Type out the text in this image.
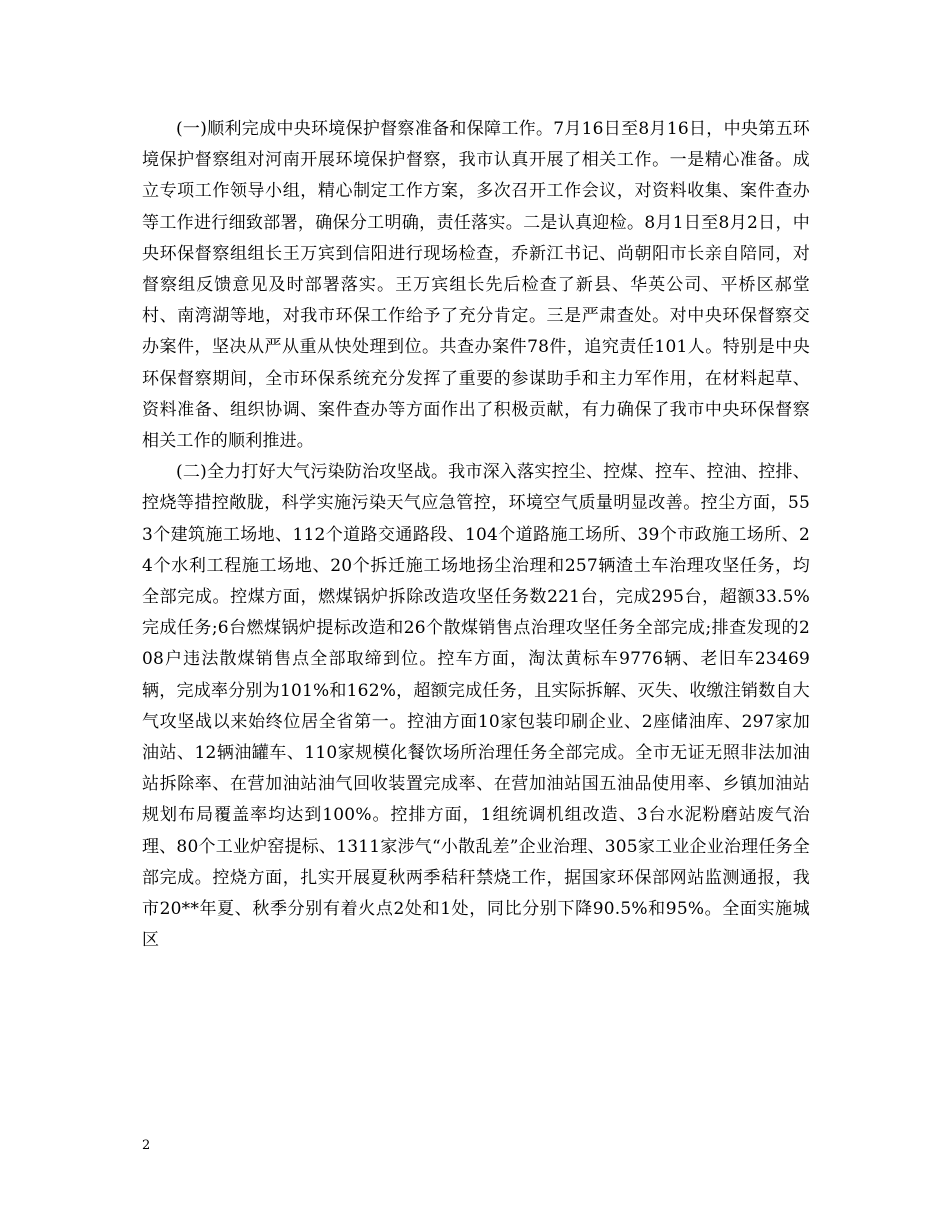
(一)顺利完成中央环境保护督察准备和保障工作。7月16日至8月16日，中央第五环境保护督察组对河南开展环境保护督察，我市认真开展了相关工作。一是精心准备。成立专项工作领导小组，精心制定工作方案，多次召开工作会议，对资料收集、案件查办等工作进行细致部署，确保分工明确，责任落实。二是认真迎检。8月1日至8月2日，中央环保督察组组长王万宾到信阳进行现场检查，乔新江书记、尚朝阳市长亲自陪同，对督察组反馈意见及时部署落实。王万宾组长先后检查了新县、华英公司、平桥区郝堂村、南湾湖等地，对我市环保工作给予了充分肯定。三是严肃查处。对中央环保督察交办案件，坚决从严从重从快处理到位。共查办案件78件，追究责任101人。特别是中央环保督察期间，全市环保系统充分发挥了重要的参谋助手和主力军作用，在材料起草、资料准备、组织协调、案件查办等方面作出了积极贡献，有力确保了我市中央环保督察相关工作的顺利推进。

(二)全力打好大气污染防治攻坚战。我市深入落实控尘、控煤、控车、控油、控排、控烧等措控敞胧，科学实施污染天气应急管控，环境空气质量明显改善。控尘方面，553个建筑施工场地、112个道路交通路段、104个道路施工场所、39个市政施工场所、24个水利工程施工场地、20个拆迁施工场地扬尘治理和257辆渣土车治理攻坚任务，均全部完成。控煤方面，燃煤锅炉拆除改造攻坚任务数221台，完成295台，超额33.5%完成任务;6台燃煤锅炉提标改造和26个散煤销售点治理攻坚任务全部完成;排查发现的208户违法散煤销售点全部取缔到位。控车方面，淘汰黄标车9776辆、老旧车23469辆，完成率分别为101%和162%，超额完成任务，且实际拆解、灭失、收缴注销数自大气攻坚战以来始终位居全省第一。控油方面10家包装印刷企业、2座储油库、297家加油站、12辆油罐车、110家规模化餐饮场所治理任务全部完成。全市无证无照非法加油站拆除率、在营加油站油气回收装置完成率、在营加油站国五油品使用率、乡镇加油站规划布局覆盖率均达到100%。控排方面，1组统调机组改造、3台水泥粉磨站废气治理、80个工业炉窑提标、1311家涉气“小散乱差”企业治理、305家工业企业治理任务全部完成。控烧方面，扎实开展夏秋两季秸秆禁烧工作，据国家环保部网站监测通报，我市20**年夏、秋季分别有着火点2处和1处，同比分别下降90.5%和95%。全面实施城区

2
